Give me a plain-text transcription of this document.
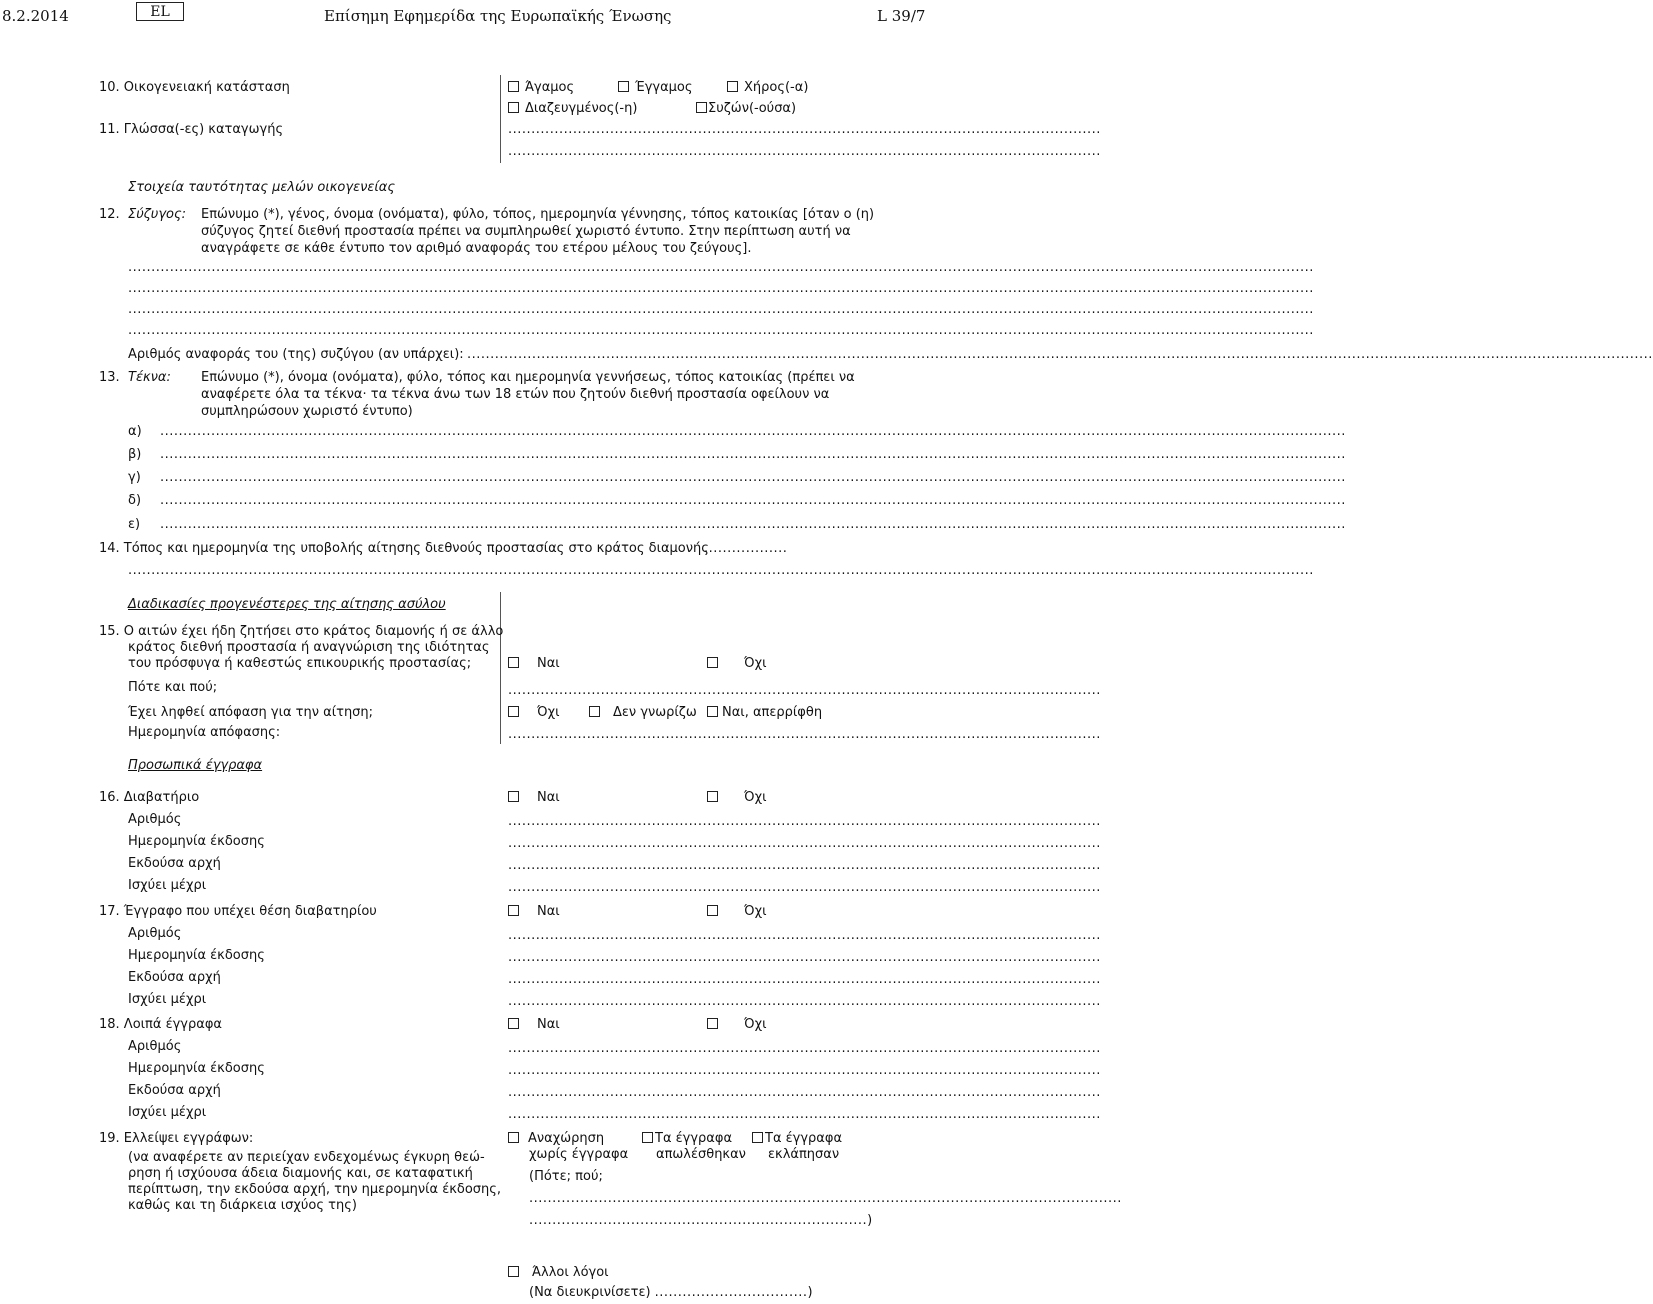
8.2.2014	EL	Επίσημη Εφημερίδα της Ευρωπαϊκής Ένωσης	L 39/7
10. Οικογενειακή κατάσταση	Άγαμος	Έγγαμος	Χήρος(-α)
Διαζευγμένος(-η)	Συζών(-ούσα)
11. Γλώσσα(-ες) καταγωγής	................................................................................................................................
................................................................................................................................
Στοιχεία ταυτότητας μελών οικογενείας
12. Σύζυγος: Επώνυμο (*), γένος, όνομα (ονόματα), φύλο, τόπος, ημερομηνία γέννησης, τόπος κατοικίας [όταν ο (η)
σύζυγος ζητεί διεθνή προστασία πρέπει να συμπληρωθεί χωριστό έντυπο. Στην περίπτωση αυτή να
αναγράφετε σε κάθε έντυπο τον αριθμό αναφοράς του ετέρου μέλους του ζεύγους].
................................................................................................................................................................................................................................................................
................................................................................................................................................................................................................................................................
................................................................................................................................................................................................................................................................
................................................................................................................................................................................................................................................................
Αριθμός αναφοράς του (της) συζύγου (αν υπάρχει): ................................................................................................................................................................................................................................................................
13. Τέκνα: Επώνυμο (*), όνομα (ονόματα), φύλο, τόπος και ημερομηνία γεννήσεως, τόπος κατοικίας (πρέπει να
αναφέρετε όλα τα τέκνα· τα τέκνα άνω των 18 ετών που ζητούν διεθνή προστασία οφείλουν να
συμπληρώσουν χωριστό έντυπο)
α) ................................................................................................................................................................................................................................................................
β) ................................................................................................................................................................................................................................................................
γ) ................................................................................................................................................................................................................................................................
δ) ................................................................................................................................................................................................................................................................
ε) ................................................................................................................................................................................................................................................................
14. Τόπος και ημερομηνία της υποβολής αίτησης διεθνούς προστασίας στο κράτος διαμονής
..................
................................................................................................................................................................................................................................................................
Διαδικασίες προγενέστερες της αίτησης ασύλου
15. Ο αιτών έχει ήδη ζητήσει στο κράτος διαμονής ή σε άλλο
κράτος διεθνή προστασία ή αναγνώριση της ιδιότητας
του πρόσφυγα ή καθεστώς επικουρικής προστασίας;	Ναι	Όχι
Πότε και πού;	................................................................................................................................
Έχει ληφθεί απόφαση για την αίτηση;	Όχι	Δεν γνωρίζω	Ναι, απερρίφθη
Ημερομηνία απόφασης:	................................................................................................................................
Προσωπικά έγγραφα
16. Διαβατήριο	Ναι	Όχι
Αριθμός	................................................................................................................................
Ημερομηνία έκδοσης	................................................................................................................................
Εκδούσα αρχή	................................................................................................................................
Ισχύει μέχρι	................................................................................................................................
17. Έγγραφο που υπέχει θέση διαβατηρίου	Ναι	Όχι
Αριθμός	................................................................................................................................
Ημερομηνία έκδοσης	................................................................................................................................
Εκδούσα αρχή	................................................................................................................................
Ισχύει μέχρι	................................................................................................................................
18. Λοιπά έγγραφα	Ναι	Όχι
Αριθμός	................................................................................................................................
Ημερομηνία έκδοσης	................................................................................................................................
Εκδούσα αρχή	................................................................................................................................
Ισχύει μέχρι	................................................................................................................................
19. Ελλείψει εγγράφων:
(να αναφέρετε αν περιείχαν ενδεχομένως έγκυρη θεώ-
ρηση ή ισχύουσα άδεια διαμονής και, σε καταφατική
περίπτωση, την εκδούσα αρχή, την ημερομηνία έκδοσης,
καθώς και τη διάρκεια ισχύος της)
Αναχώρηση
χωρίς έγγραφα
Τα έγγραφα
απωλέσθηκαν
Τα έγγραφα
εκλάπησαν
(Πότε; πού;
................................................................................................................................
.........................................................................)
Άλλοι λόγοι
(Να διευκρινίσετε) .................................)
